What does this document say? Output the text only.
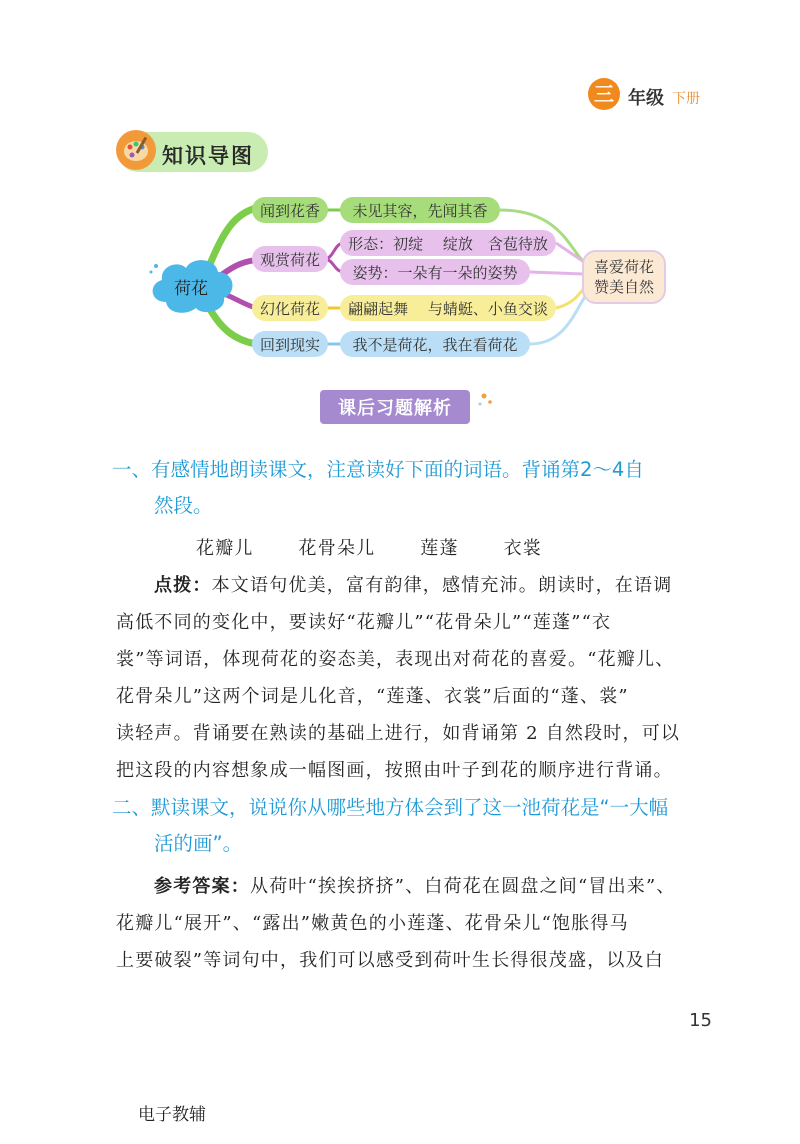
三 年级 下册
知识导图
荷花
闻到花香
观赏荷花
幻化荷花
回到现实
未见其容，先闻其香
形态：初绽　 绽放　含苞待放
姿势：一朵有一朵的姿势
翩翩起舞　 与蜻蜓、小鱼交谈
我不是荷花，我在看荷花
喜爱荷花
赞美自然
课后习题解析
一、有感情地朗读课文，注意读好下面的词语。背诵第2～4自
然段。
花瓣儿 花骨朵儿 莲蓬 衣裳
点拨：本文语句优美，富有韵律，感情充沛。朗读时，在语调
高低不同的变化中，要读好“花瓣儿”“花骨朵儿”“莲蓬”“衣
裳”等词语，体现荷花的姿态美，表现出对荷花的喜爱。“花瓣儿、
花骨朵儿”这两个词是儿化音，“莲蓬、衣裳”后面的“蓬、裳”
读轻声。背诵要在熟读的基础上进行，如背诵第 2 自然段时，可以
把这段的内容想象成一幅图画，按照由叶子到花的顺序进行背诵。
二、默读课文，说说你从哪些地方体会到了这一池荷花是“一大幅
活的画”。
参考答案：从荷叶“挨挨挤挤”、白荷花在圆盘之间“冒出来”、
花瓣儿“展开”、“露出”嫩黄色的小莲蓬、花骨朵儿“饱胀得马
上要破裂”等词句中，我们可以感受到荷叶生长得很茂盛，以及白
15
电子教辅
